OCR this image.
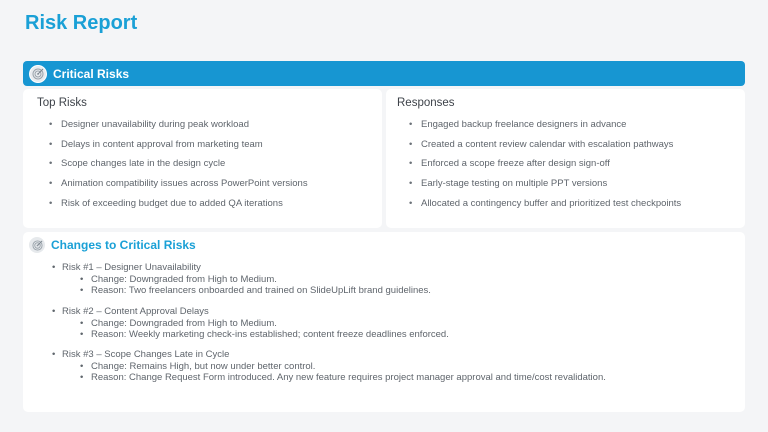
Risk Report
Critical Risks
Top Risks
• Designer unavailability during peak workload
• Delays in content approval from marketing team
• Scope changes late in the design cycle
• Animation compatibility issues across PowerPoint versions
• Risk of exceeding budget due to added QA iterations
Responses
• Engaged backup freelance designers in advance
• Created a content review calendar with escalation pathways
• Enforced a scope freeze after design sign-off
• Early-stage testing on multiple PPT versions
• Allocated a contingency buffer and prioritized test checkpoints
Changes to Critical Risks
• Risk #1 – Designer Unavailability
• Change: Downgraded from High to Medium.
• Reason: Two freelancers onboarded and trained on SlideUpLift brand guidelines.
• Risk #2 – Content Approval Delays
• Change: Downgraded from High to Medium.
• Reason: Weekly marketing check-ins established; content freeze deadlines enforced.
• Risk #3 – Scope Changes Late in Cycle
• Change: Remains High, but now under better control.
• Reason: Change Request Form introduced. Any new feature requires project manager approval and time/cost revalidation.
